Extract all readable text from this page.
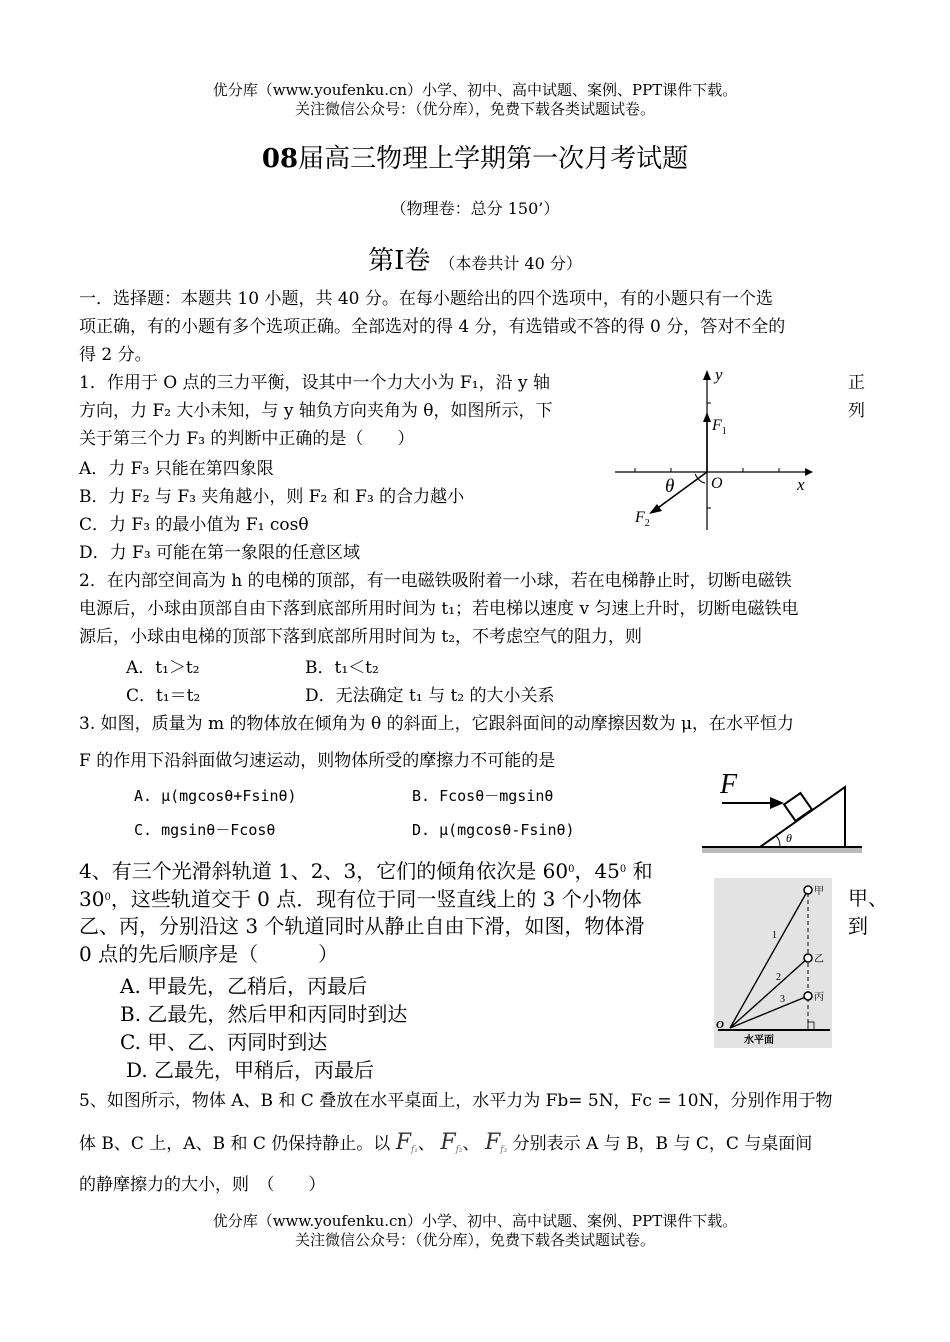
优分库（www.youfenku.cn）小学、初中、高中试题、案例、PPT课件下载。
关注微信公众号：（优分库），免费下载各类试题试卷。
08届高三物理上学期第一次月考试题
（物理卷：总分 150’）
第Ⅰ卷　 （本卷共计 40 分）
一．选择题：本题共 10 小题，共 40 分。在每小题给出的四个选项中，有的小题只有一个选
项正确，有的小题有多个选项正确。全部选对的得 4 分，有选错或不答的得 0 分，答对不全的
得 2 分。
1．作用于 O 点的三力平衡，设其中一个力大小为 F₁，沿 y 轴	正
方向，力 F₂ 大小未知，与 y 轴负方向夹角为 θ，如图所示，下	列
关于第三个力 F₃ 的判断中正确的是（　　）
A．力 F₃ 只能在第四象限
B．力 F₂ 与 F₃ 夹角越小，则 F₂ 和 F₃ 的合力越小
C．力 F₃ 的最小值为 F₁ cosθ
D．力 F₃ 可能在第一象限的任意区域
y
x
$F_1$
$F_2$
θ O
2．在内部空间高为 h 的电梯的顶部，有一电磁铁吸附着一小球，若在电梯静止时，切断电磁铁
电源后，小球由顶部自由下落到底部所用时间为 t₁；若电梯以速度 v 匀速上升时，切断电磁铁电
源后，小球由电梯的顶部下落到底部所用时间为 t₂，不考虑空气的阻力，则
A．t₁＞t₂	B．t₁＜t₂
C．t₁＝t₂	D．无法确定 t₁ 与 t₂ 的大小关系
3. 如图，质量为 m 的物体放在倾角为 θ 的斜面上，它跟斜面间的动摩擦因数为 μ，在水平恒力
F 的作用下沿斜面做匀速运动，则物体所受的摩擦力不可能的是
A. μ(mgcosθ+Fsinθ)	B. Fcosθ－mgsinθ
C. mgsinθ－Fcosθ	D. μ(mgcosθ-Fsinθ)
F
θ
4、有三个光滑斜轨道 1、2、3，它们的倾角依次是 $60^0$，$45^0$ 和
$30^0$，这些轨道交于 0 点．现有位于同一竖直线上的 3 个小物体	甲、
乙、丙，分别沿这 3 个轨道同时从静止自由下滑，如图，物体滑	到
0 点的先后顺序是（　　　）
A. 甲最先，乙稍后，丙最后
B. 乙最先，然后甲和丙同时到达
C. 甲、乙、丙同时到达
D. 乙最先，甲稍后，丙最后
甲
乙
丙
1
2
3
O
水平面
5、如图所示，物体 A、B 和 C 叠放在水平桌面上，水平力为 Fb= 5N，Fc = 10N，分别作用于物
体 B、C 上，A、B 和 C 仍保持静止。以 $F_{f_1}$、 $F_{f_2}$、 $F_{f_3}$ 分别表示 A 与 B，B 与 C，C 与桌面间
的静摩擦力的大小，则　（　　）
优分库（www.youfenku.cn）小学、初中、高中试题、案例、PPT课件下载。
关注微信公众号：（优分库），免费下载各类试题试卷。
